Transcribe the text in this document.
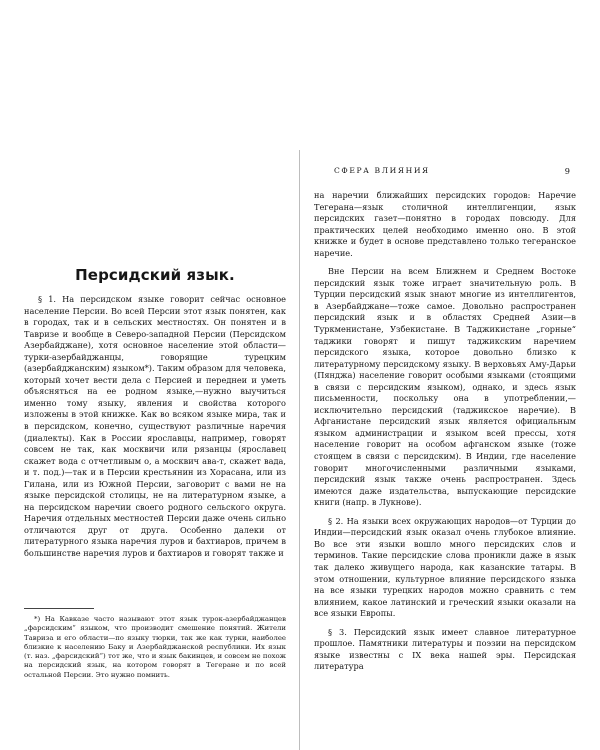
Персидский язык.

§ 1. На персидском языке говорит сейчас основное население Персии. Во всей Персии этот язык понятен, как в городах, так и в сельских местностях. Он понятен и в Тавризе и вообще в Северо-западной Персии (Персидском Азербайджане), хотя основное население этой области—турки-азербайджанцы, говорящие турецким (азербайджанским) языком*). Таким образом для человека, который хочет вести дела с Персией и переднеи и уметь объясняться на ее родном языке,—нужно выучиться именно тому языку, явления и свойства которого изложены в этой книжке. Как во всяком языке мира, так и в персидском, конечно, существуют различные наречия (диалекты). Как в России ярославцы, например, говорят совсем не так, как москвичи или рязанцы (ярославец скажет вода с отчетливым о, а москвич ава-т, скажет вада, и т. под.)—так и в Персии крестьянин из Хорасана, или из Гилана, или из Южной Персии, заговорит с вами не на языке персидской столицы, не на литературном языке, а на персидском наречии своего родного сельского округа. Наречия отдельных местностей Персии даже очень сильно отличаются друг от друга. Особенно далеки от литературного языка наречия луров и бахтиаров, причем в большинстве наречия луров и бахтиаров и говорят также и

*) На Кавказе часто называют этот язык турок-азербайджанцев „фарсидским“ языком, что производит смешение понятий. Жители Тавриза и его области—по языку тюрки, так же как турки, наиболее близкие к населению Баку и Азербайджанской республики. Их язык (т. наз. „фарсидский“) тот же, что и язык бакинцев, и совсем не похож на персидский язык, на котором говорят в Тегеране и по всей остальной Персии. Это нужно помнить.

СФЕРА ВЛИЯНИЯ	9

на наречии ближайших персидских городов: Наречие Тегерана—язык столичной интеллигенции, язык персидских газет—понятно в городах повсюду. Для практических целей необходимо именно оно. В этой книжке и будет в основе представлено только тегеранское наречие.

Вне Персии на всем Ближнем и Среднем Востоке персидский язык тоже играет значительную роль. В Турции персидский язык знают многие из интеллигентов, в Азербайджане—тоже самое. Довольно распространен персидский язык и в областях Средней Азии—в Туркменистане, Узбекистане. В Таджикистане „горные“ таджики говорят и пишут таджикским наречием персидского языка, которое довольно близко к литературному персидскому языку. В верховьях Аму-Дарьи (Пянджа) население говорит особыми языками (стоящими в связи с персидским языком), однако, и здесь язык письменности, поскольку она в употреблении,—исключительно персидский (таджикское наречие). В Афганистане персидский язык является официальным языком администрации и языком всей прессы, хотя население говорит на особом афганском языке (тоже стоящем в связи с персидским). В Индии, где население говорит многочисленными различными языками, персидский язык также очень распространен. Здесь имеются даже издательства, выпускающие персидские книги (напр. в Лукнове).

§ 2. На языки всех окружающих народов—от Турции до Индии—персидский язык оказал очень глубокое влияние. Во все эти языки вошло много персидских слов и терминов. Такие персидские слова проникли даже в язык так далеко живущего народа, как казанские татары. В этом отношении, культурное влияние персидского языка на все языки турецких народов можно сравнить с тем влиянием, какое латинский и греческий языки оказали на все языки Европы.

§ 3. Персидский язык имеет славное литературное прошлое. Памятники литературы и поэзии на персидском языке известны с IX века нашей эры. Персидская литература
